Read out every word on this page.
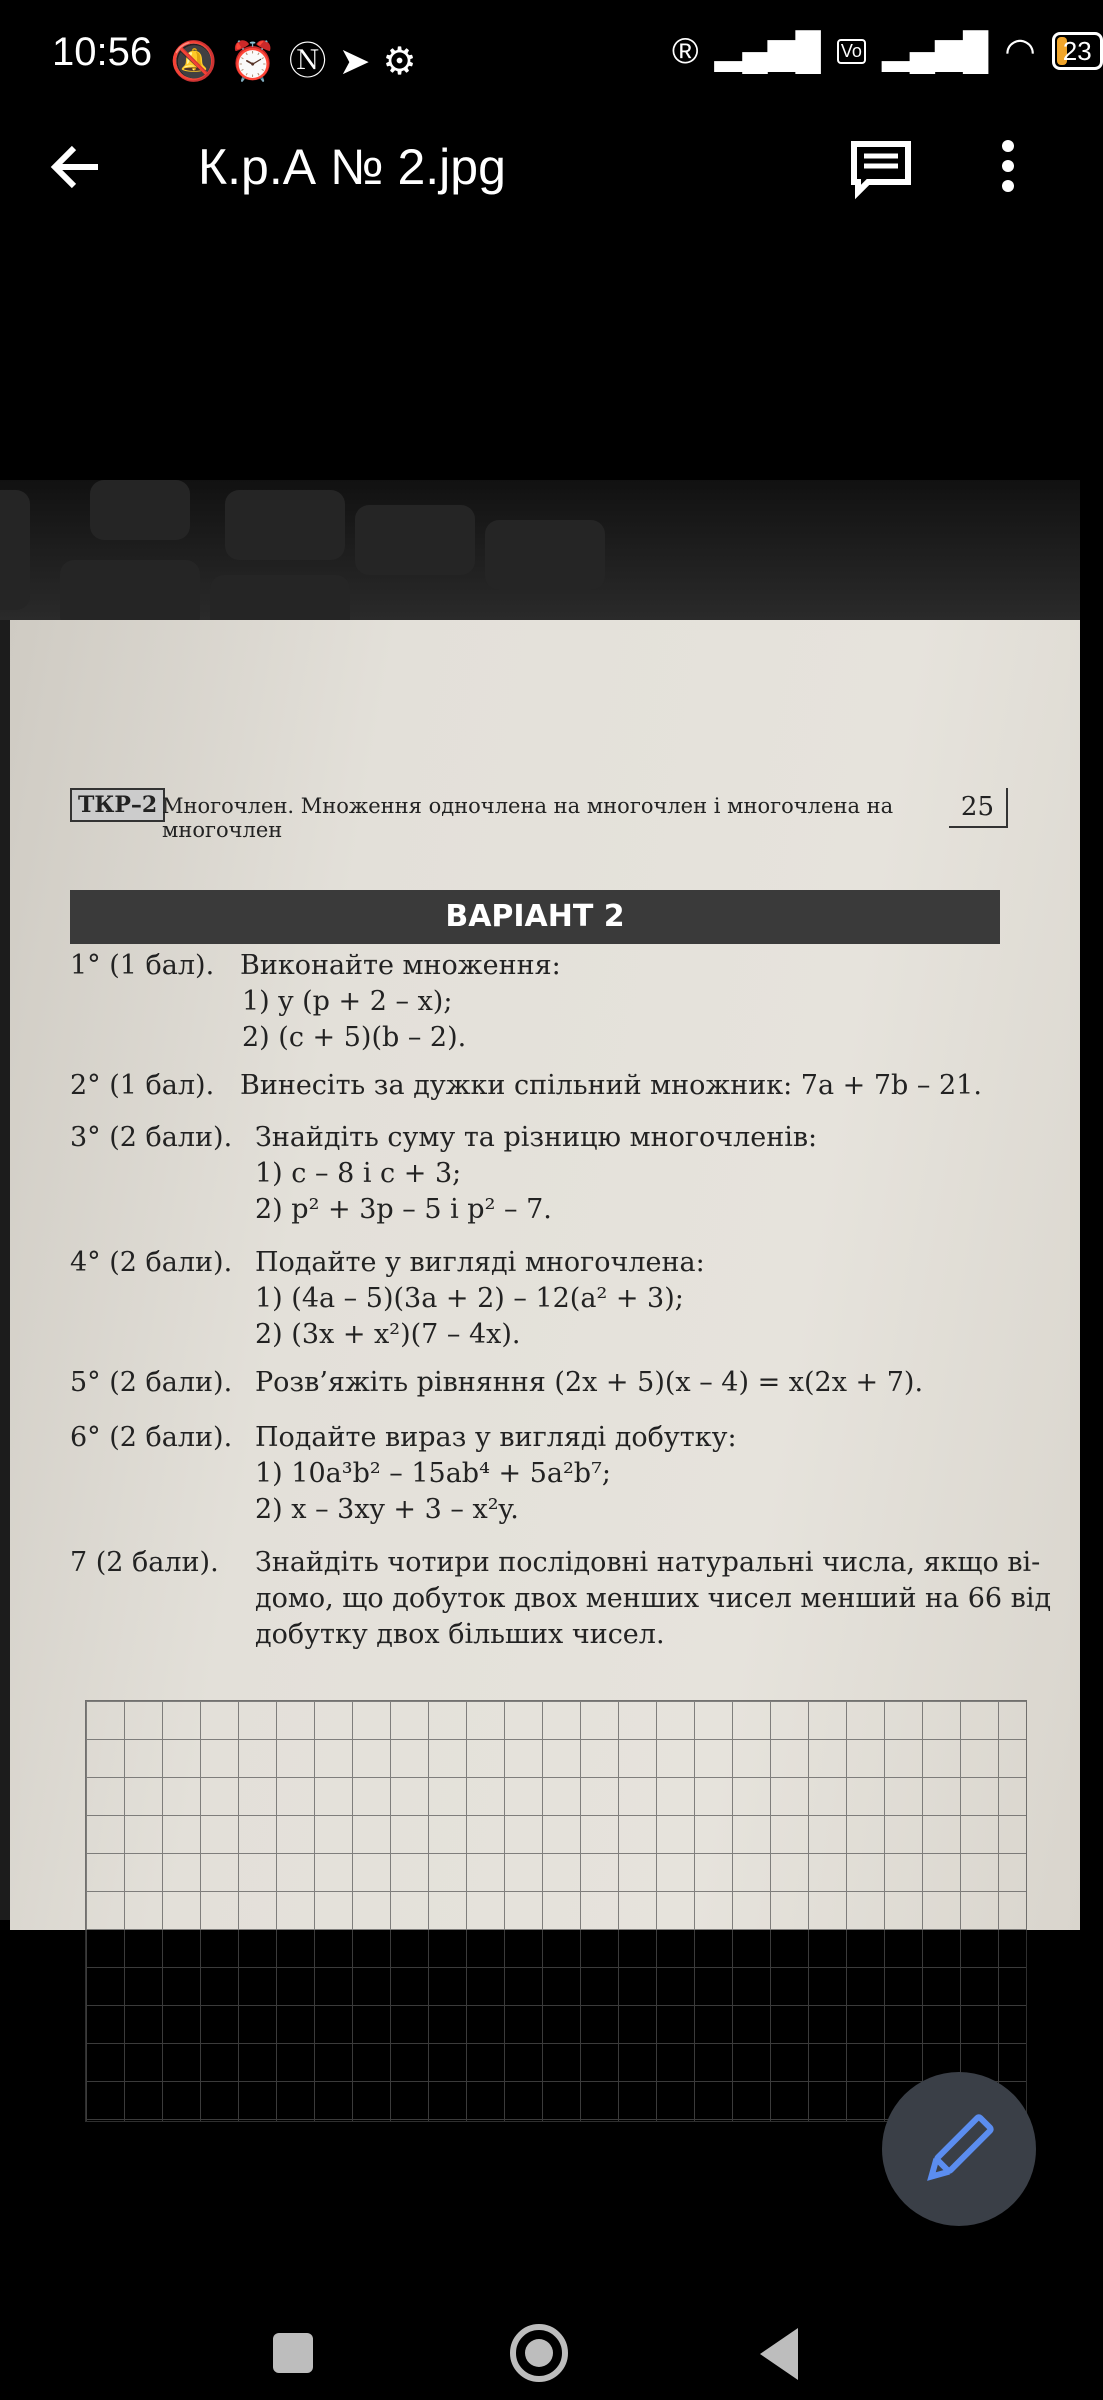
10:56 🔕⏰Ⓝ➤⚙	® ▂▄▆█ Vo ▂▄▆█ ◠	23
К.р.А № 2.jpg
ТКР–2 Многочлен. Множення одночлена на многочлен і многочлена на многочлен
25
ВАРІАНТ 2
1° (1 бал). Виконайте множення:
1) y (p + 2 – x);
2) (c + 5)(b – 2).
2° (1 бал). Винесіть за дужки спільний множник: 7a + 7b – 21.
3° (2 бали). Знайдіть суму та різницю многочленів:
1) c – 8 і c + 3;
2) p² + 3p – 5 і p² – 7.
4° (2 бали). Подайте у вигляді многочлена:
1) (4a – 5)(3a + 2) – 12(a² + 3);
2) (3x + x²)(7 – 4x).
5° (2 бали). Розв’яжіть рівняння (2x + 5)(x – 4) = x(2x + 7).
6° (2 бали). Подайте вираз у вигляді добутку:
1) 10a³b² – 15ab⁴ + 5a²b⁷;
2) x – 3xy + 3 – x²y.
7 (2 бали). Знайдіть чотири послідовні натуральні числа, якщо ві-
домо, що добуток двох менших чисел менший на 66 від
добутку двох більших чисел.
